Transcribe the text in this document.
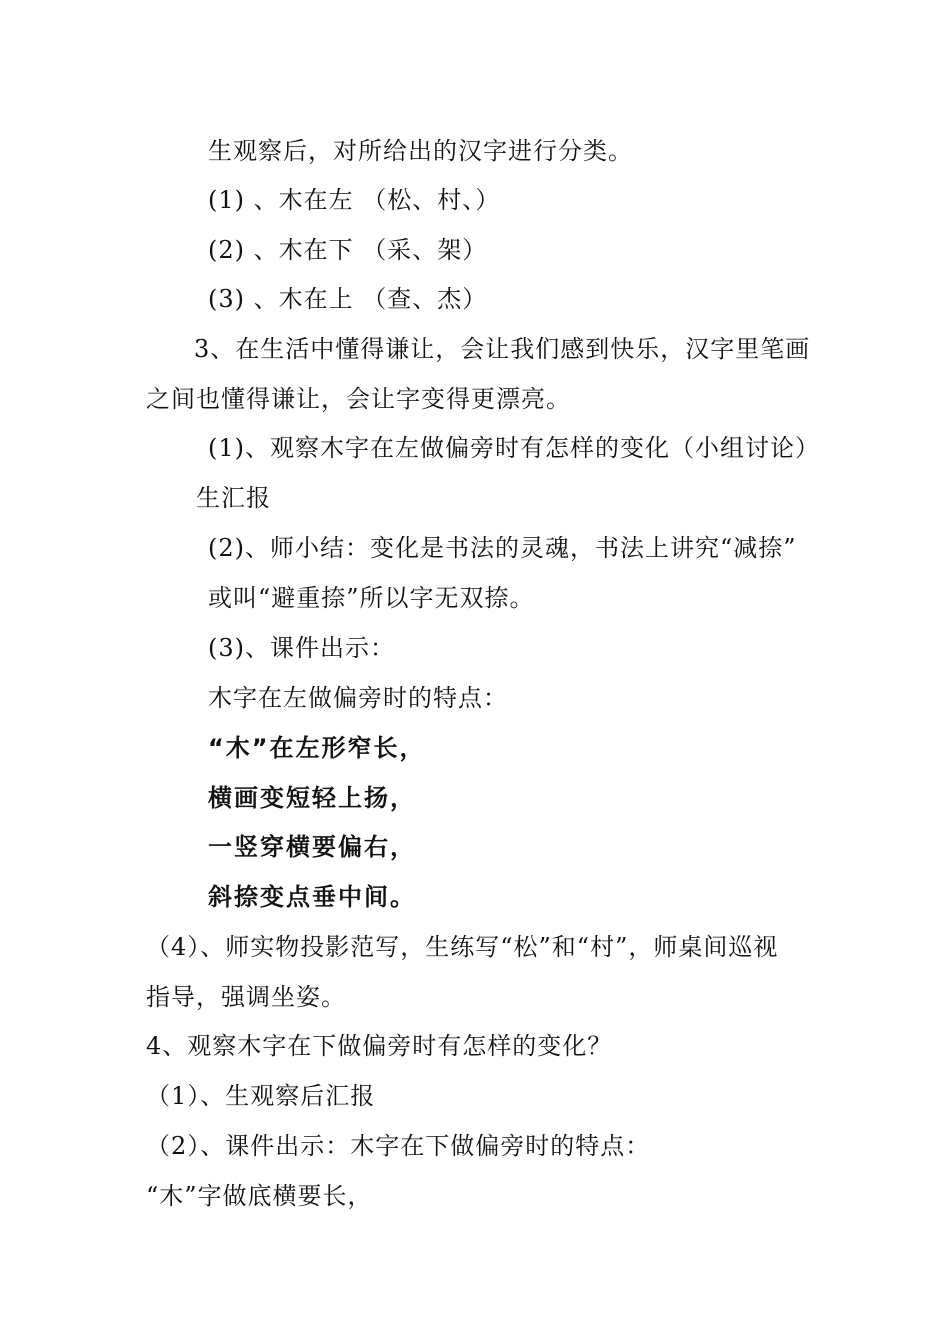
生观察后，对所给出的汉字进行分类。
(1) 、木在左 （松、村、）
(2) 、木在下 （采、架）
(3) 、木在上 （查、杰）
3、在生活中懂得谦让，会让我们感到快乐，汉字里笔画
之间也懂得谦让，会让字变得更漂亮。
(1)、观察木字在左做偏旁时有怎样的变化（小组讨论）
生汇报
(2)、师小结：变化是书法的灵魂，书法上讲究“减捺”
或叫“避重捺”所以字无双捺。
(3)、课件出示：
木字在左做偏旁时的特点：
“木”在左形窄长，
横画变短轻上扬，
一竖穿横要偏右，
斜捺变点垂中间。
（4）、师实物投影范写，生练写“松”和“村”，师桌间巡视
指导，强调坐姿。
4、观察木字在下做偏旁时有怎样的变化？
（1）、生观察后汇报
（2）、课件出示：木字在下做偏旁时的特点：
“木”字做底横要长，
